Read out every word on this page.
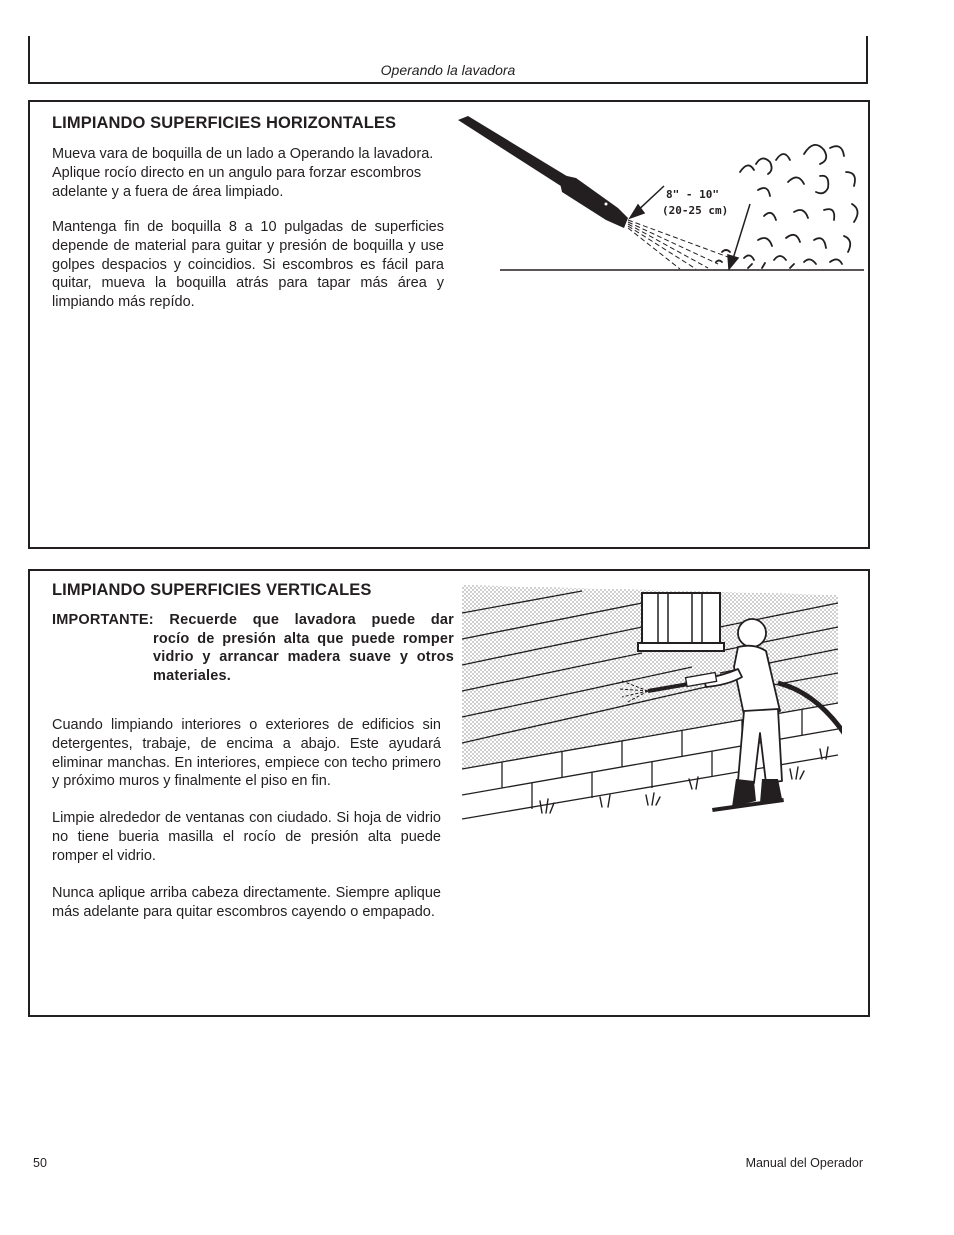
Operando la lavadora
LIMPIANDO SUPERFICIES HORIZONTALES

Mueva vara de boquilla de un lado a Operando la lavadora. Aplique rocío directo en un angulo para forzar escombros adelante y a fuera de área limpiado.

Mantenga fin de boquilla 8 a 10 pulgadas de superficies depende de material para guitar y presión de boquilla y use golpes despacios y coincidios. Si escombros es fácil para quitar, mueva la boquilla atrás para tapar más área y limpiando más repído.

8" - 10"
(20-25 cm)
LIMPIANDO SUPERFICIES VERTICALES
IMPORTANTE: Recuerde que lavadora puede dar
rocío de presión alta que puede romper vidrio y arrancar madera suave y otros materiales.

Cuando limpiando interiores o exteriores de edificios sin detergentes, trabaje, de encima a abajo. Este ayudará eliminar manchas. En interiores, empiece con techo primero y próximo muros y finalmente el piso en fin.

Limpie alrededor de ventanas con ciudado. Si hoja de vidrio no tiene bueria masilla el rocío de presión alta puede romper el vidrio.

Nunca aplique arriba cabeza directamente. Siempre aplique más adelante para quitar escombros cayendo o empapado.

50	Manual del Operador
